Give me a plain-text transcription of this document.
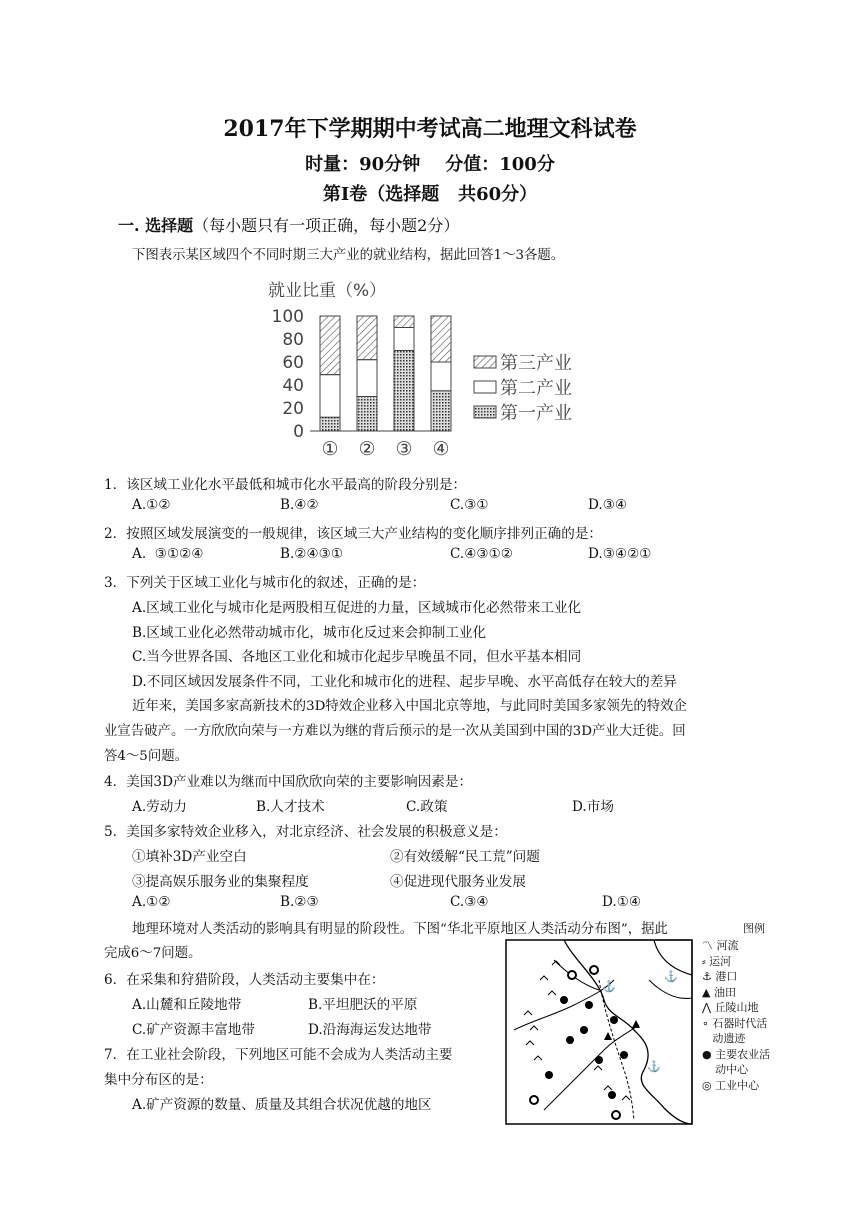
2017年下学期期中考试高二地理文科试卷
时量：90分钟    分值：100分
第Ⅰ卷（选择题   共60分）
一. 选择题（每小题只有一项正确，每小题2分）
下图表示某区域四个不同时期三大产业的就业结构，据此回答1～3各题。
就业比重（%）
0
20
40
60
80
100
① ② ③ ④
第三产业
第二产业
第一产业
1．该区域工业化水平最低和城市化水平最高的阶段分别是：
A.①②	B.④②	C.③①	D.③④
2．按照区域发展演变的一般规律，该区域三大产业结构的变化顺序排列正确的是：
A.  ③①②④	B.②④③①	C.④③①②	D.③④②①
3．下列关于区域工业化与城市化的叙述，正确的是：
A.区域工业化与城市化是两股相互促进的力量，区域城市化必然带来工业化
B.区域工业化必然带动城市化，城市化反过来会抑制工业化
C.当今世界各国、各地区工业化和城市化起步早晚虽不同，但水平基本相同
D.不同区域因发展条件不同，工业化和城市化的进程、起步早晚、水平高低存在较大的差异
近年来，美国多家高新技术的3D特效企业移入中国北京等地，与此同时美国多家领先的特效企
业宣告破产。一方欣欣向荣与一方难以为继的背后预示的是一次从美国到中国的3D产业大迁徙。回
答4～5问题。
4．美国3D产业难以为继而中国欣欣向荣的主要影响因素是：
A.劳动力	B.人才技术	C.政策	D.市场
5．美国多家特效企业移入，对北京经济、社会发展的积极意义是：
①填补3D产业空白	②有效缓解“民工荒”问题
③提高娱乐服务业的集聚程度	④促进现代服务业发展
A.①②	B.②③	C.③④	D.①④
地理环境对人类活动的影响具有明显的阶段性。下图“华北平原地区人类活动分布图”，据此
完成6～7问题。
6．在采集和狩猎阶段，人类活动主要集中在：
A.山麓和丘陵地带	B.平坦肥沃的平原
C.矿产资源丰富地带	D.沿海海运发达地带
7．在工业社会阶段，下列地区可能不会成为人类活动主要
集中分布区的是：
A.矿产资源的数量、质量及其组合状况优越的地区
⚓
⚓
⚓
图例
〽 河流
⸗ 运河
⚓ 港口
▲ 油田
⋀ 丘陵山地
∘ 石器时代活动遗迹
● 主要农业活动中心
◎ 工业中心
